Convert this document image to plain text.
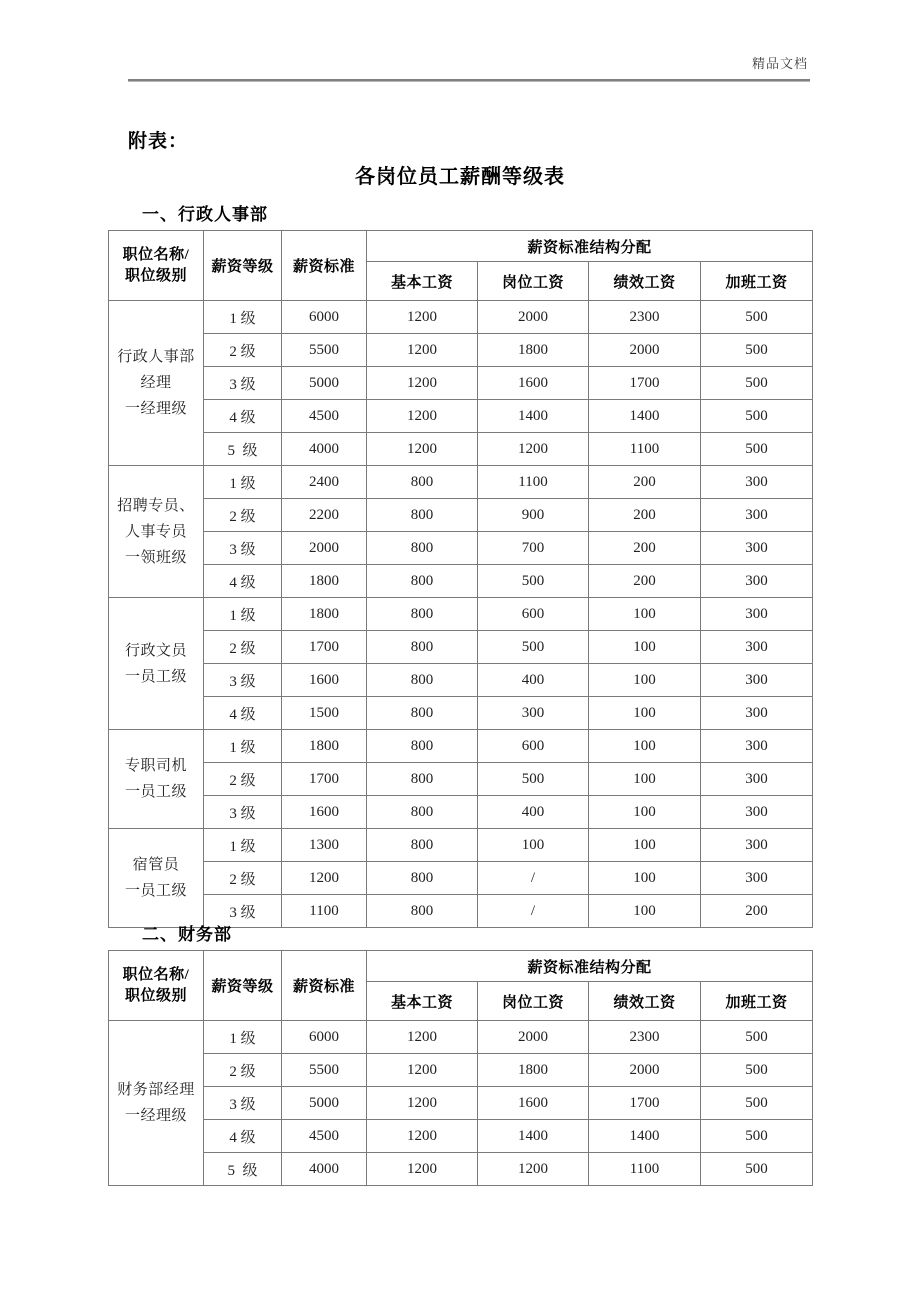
精品文档
附表：
各岗位员工薪酬等级表
一、行政人事部
职位名称/
职位级别	薪资等级	薪资标准	薪资标准结构分配			
			基本工资	岗位工资	绩效工资	加班工资

行政人事部
经理
一经理级	1 级	6000	1200	2000	2300	500
	2 级	5500	1200	1800	2000	500
	3 级	5000	1200	1600	1700	500
	4 级	4500	1200	1400	1400	500
	5  级	4000	1200	1200	1100	500

招聘专员、
人事专员
一领班级	1 级	2400	800	1100	200	300
	2 级	2200	800	900	200	300
	3 级	2000	800	700	200	300
	4 级	1800	800	500	200	300

行政文员
一员工级	1 级	1800	800	600	100	300
	2 级	1700	800	500	100	300
	3 级	1600	800	400	100	300
	4 级	1500	800	300	100	300

专职司机
一员工级	1 级	1800	800	600	100	300
	2 级	1700	800	500	100	300
	3 级	1600	800	400	100	300

宿管员
一员工级	1 级	1300	800	100	100	300
	2 级	1200	800	/	100	300
	3 级	1100	800	/	100	200
二、财务部
职位名称/
职位级别	薪资等级	薪资标准	薪资标准结构分配			
			基本工资	岗位工资	绩效工资	加班工资

财务部经理
一经理级	1 级	6000	1200	2000	2300	500
	2 级	5500	1200	1800	2000	500
	3 级	5000	1200	1600	1700	500
	4 级	4500	1200	1400	1400	500
	5  级	4000	1200	1200	1100	500
